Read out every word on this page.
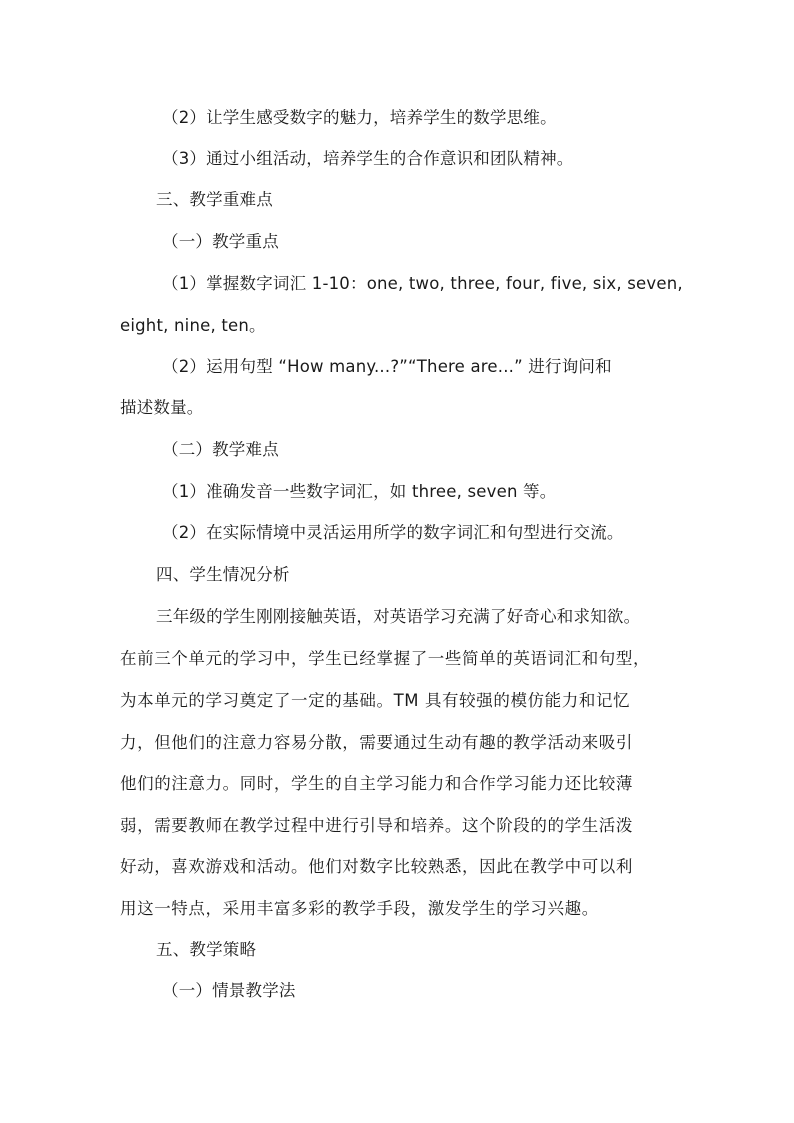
（2）让学生感受数字的魅力，培养学生的数学思维。
（3）通过小组活动，培养学生的合作意识和团队精神。
三、教学重难点
（一）教学重点
（1）掌握数字词汇 1-10：one, two, three, four, five, six, seven,
eight, nine, ten。
（2）运用句型 “How many...?”“There are...” 进行询问和
描述数量。
（二）教学难点
（1）准确发音一些数字词汇，如 three, seven 等。
（2）在实际情境中灵活运用所学的数字词汇和句型进行交流。
四、学生情况分析
三年级的学生刚刚接触英语，对英语学习充满了好奇心和求知欲。
在前三个单元的学习中，学生已经掌握了一些简单的英语词汇和句型，
为本单元的学习奠定了一定的基础。TM 具有较强的模仿能力和记忆
力，但他们的注意力容易分散，需要通过生动有趣的教学活动来吸引
他们的注意力。同时，学生的自主学习能力和合作学习能力还比较薄
弱，需要教师在教学过程中进行引导和培养。这个阶段的的学生活泼
好动，喜欢游戏和活动。他们对数字比较熟悉，因此在教学中可以利
用这一特点，采用丰富多彩的教学手段，激发学生的学习兴趣。
五、教学策略
（一）情景教学法
